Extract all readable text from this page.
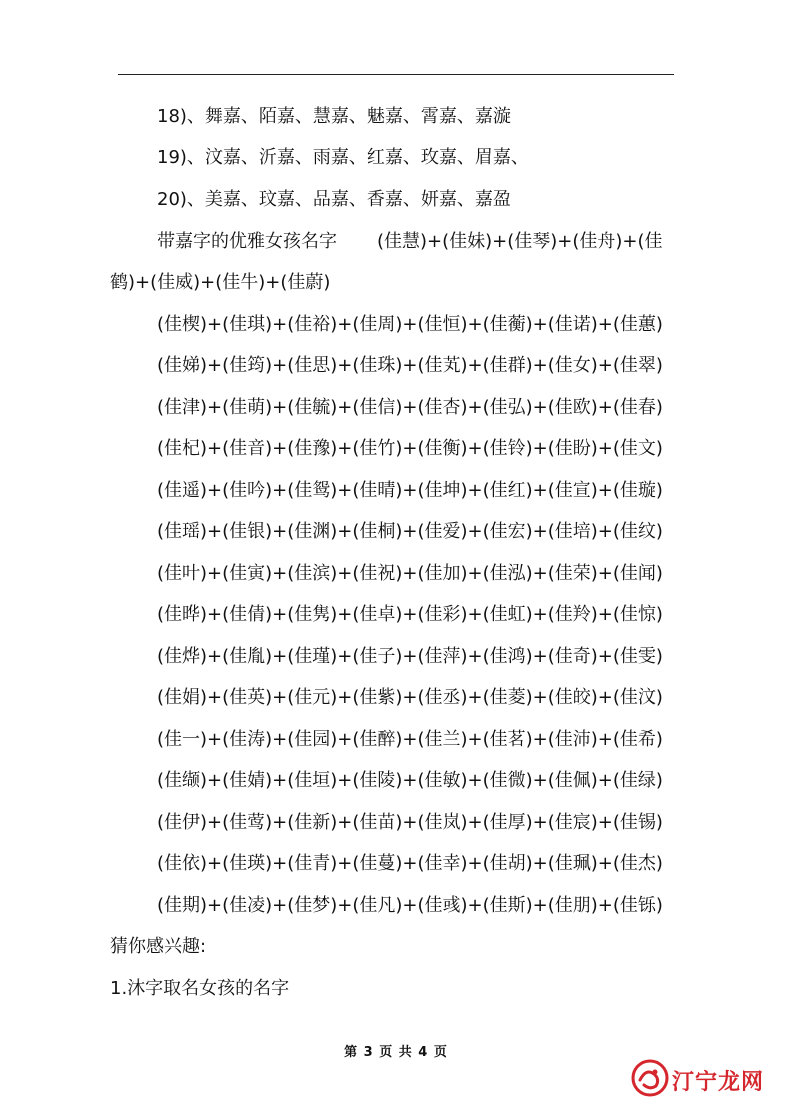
18)、舞嘉、陌嘉、慧嘉、魅嘉、霄嘉、嘉漩
19)、汶嘉、沂嘉、雨嘉、红嘉、玫嘉、眉嘉、
20)、美嘉、玟嘉、品嘉、香嘉、妍嘉、嘉盈
带嘉字的优雅女孩名字 (佳慧)+(佳妹)+(佳琴)+(佳舟)+(佳
鹤)+(佳威)+(佳牛)+(佳蔚)
(佳楔)+(佳琪)+(佳裕)+(佳周)+(佳恒)+(佳蘅)+(佳诺)+(佳蕙)
(佳娣)+(佳筠)+(佳思)+(佳珠)+(佳芄)+(佳群)+(佳女)+(佳翠)
(佳津)+(佳萌)+(佳毓)+(佳信)+(佳杏)+(佳弘)+(佳欧)+(佳春)
(佳杞)+(佳音)+(佳豫)+(佳竹)+(佳衡)+(佳铃)+(佳盼)+(佳文)
(佳遥)+(佳吟)+(佳鸳)+(佳晴)+(佳坤)+(佳红)+(佳宣)+(佳璇)
(佳瑶)+(佳银)+(佳渊)+(佳桐)+(佳爱)+(佳宏)+(佳培)+(佳纹)
(佳叶)+(佳寅)+(佳滨)+(佳祝)+(佳加)+(佳泓)+(佳荣)+(佳闻)
(佳晔)+(佳倩)+(佳隽)+(佳卓)+(佳彩)+(佳虹)+(佳羚)+(佳惊)
(佳烨)+(佳胤)+(佳瑾)+(佳子)+(佳萍)+(佳鸿)+(佳奇)+(佳雯)
(佳娟)+(佳英)+(佳元)+(佳紫)+(佳丞)+(佳菱)+(佳皎)+(佳汶)
(佳一)+(佳涛)+(佳园)+(佳醉)+(佳兰)+(佳茗)+(佳沛)+(佳希)
(佳缬)+(佳婧)+(佳垣)+(佳陵)+(佳敏)+(佳微)+(佳佩)+(佳绿)
(佳伊)+(佳莺)+(佳新)+(佳苗)+(佳岚)+(佳厚)+(佳宸)+(佳锡)
(佳依)+(佳瑛)+(佳青)+(佳蔓)+(佳幸)+(佳胡)+(佳珮)+(佳杰)
(佳期)+(佳凌)+(佳梦)+(佳凡)+(佳彧)+(佳斯)+(佳朋)+(佳铄)
猜你感兴趣:
1.沐字取名女孩的名字
第 3 页 共 4 页
汀宁龙网
